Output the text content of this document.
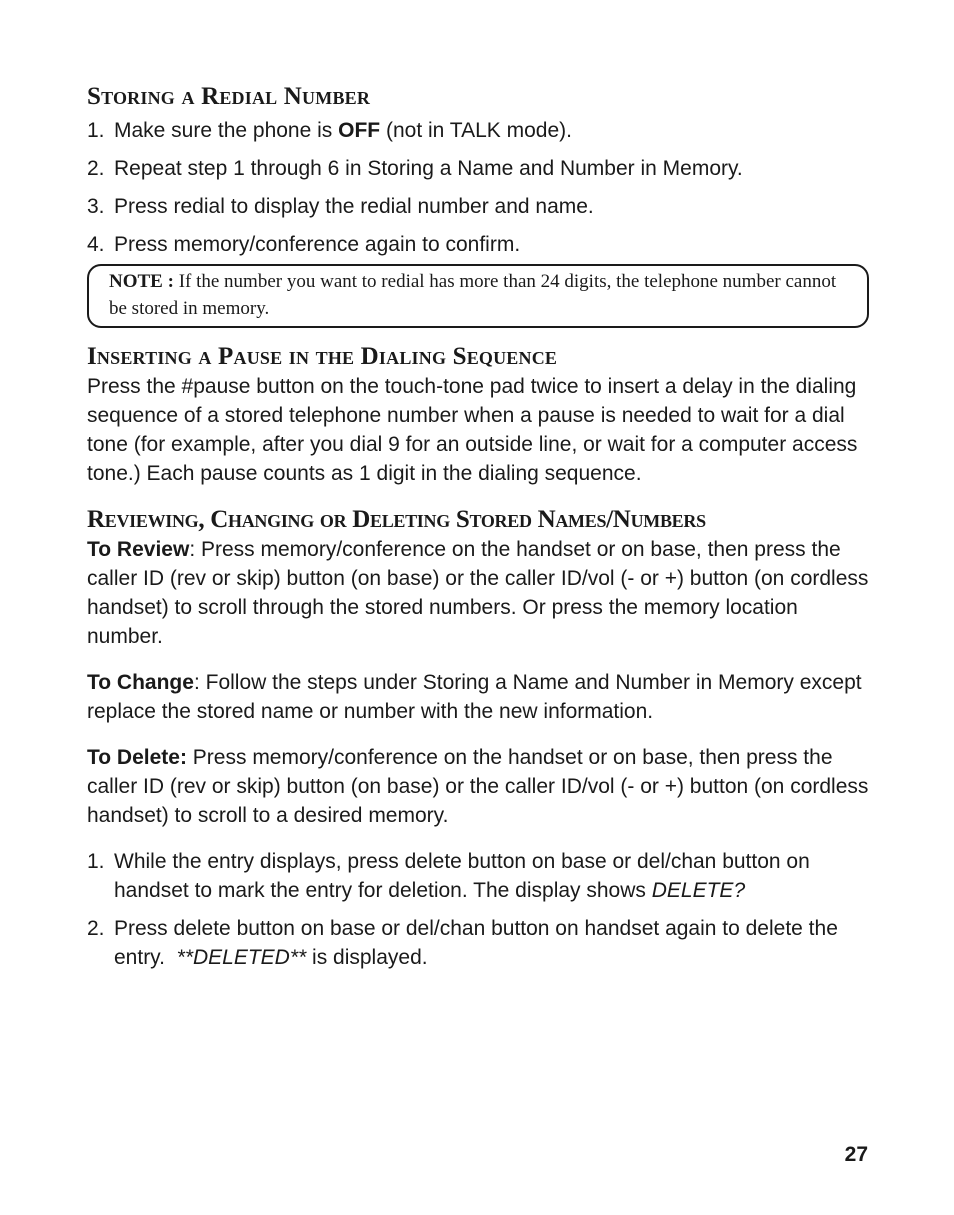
Storing a Redial Number
1. Make sure the phone is OFF (not in TALK mode).
2. Repeat step 1 through 6 in Storing a Name and Number in Memory.
3. Press redial to display the redial number and name.
4. Press memory/conference again to confirm.
NOTE : If the number you want to redial has more than 24 digits, the telephone number cannot be stored in memory.
Inserting a Pause in the Dialing Sequence

Press the #pause button on the touch-tone pad twice to insert a delay in the dialing sequence of a stored telephone number when a pause is needed to wait for a dial tone (for example, after you dial 9 for an outside line, or wait for a computer access tone.) Each pause counts as 1 digit in the dialing sequence.

Reviewing, Changing or Deleting Stored Names/Numbers

To Review: Press memory/conference on the handset or on base, then press the caller ID (rev or skip) button (on base) or the caller ID/vol (- or +) button (on cordless handset) to scroll through the stored numbers. Or press the memory location number.

To Change: Follow the steps under Storing a Name and Number in Memory except replace the stored name or number with the new information.

To Delete: Press memory/conference on the handset or on base, then press the caller ID (rev or skip) button (on base) or the caller ID/vol (- or +) button (on cordless handset) to scroll to a desired memory.

1. While the entry displays, press delete button on base or del/chan button on handset to mark the entry for deletion. The display shows DELETE?
2. Press delete button on base or del/chan button on handset again to delete the entry.  **DELETED** is displayed.
27
